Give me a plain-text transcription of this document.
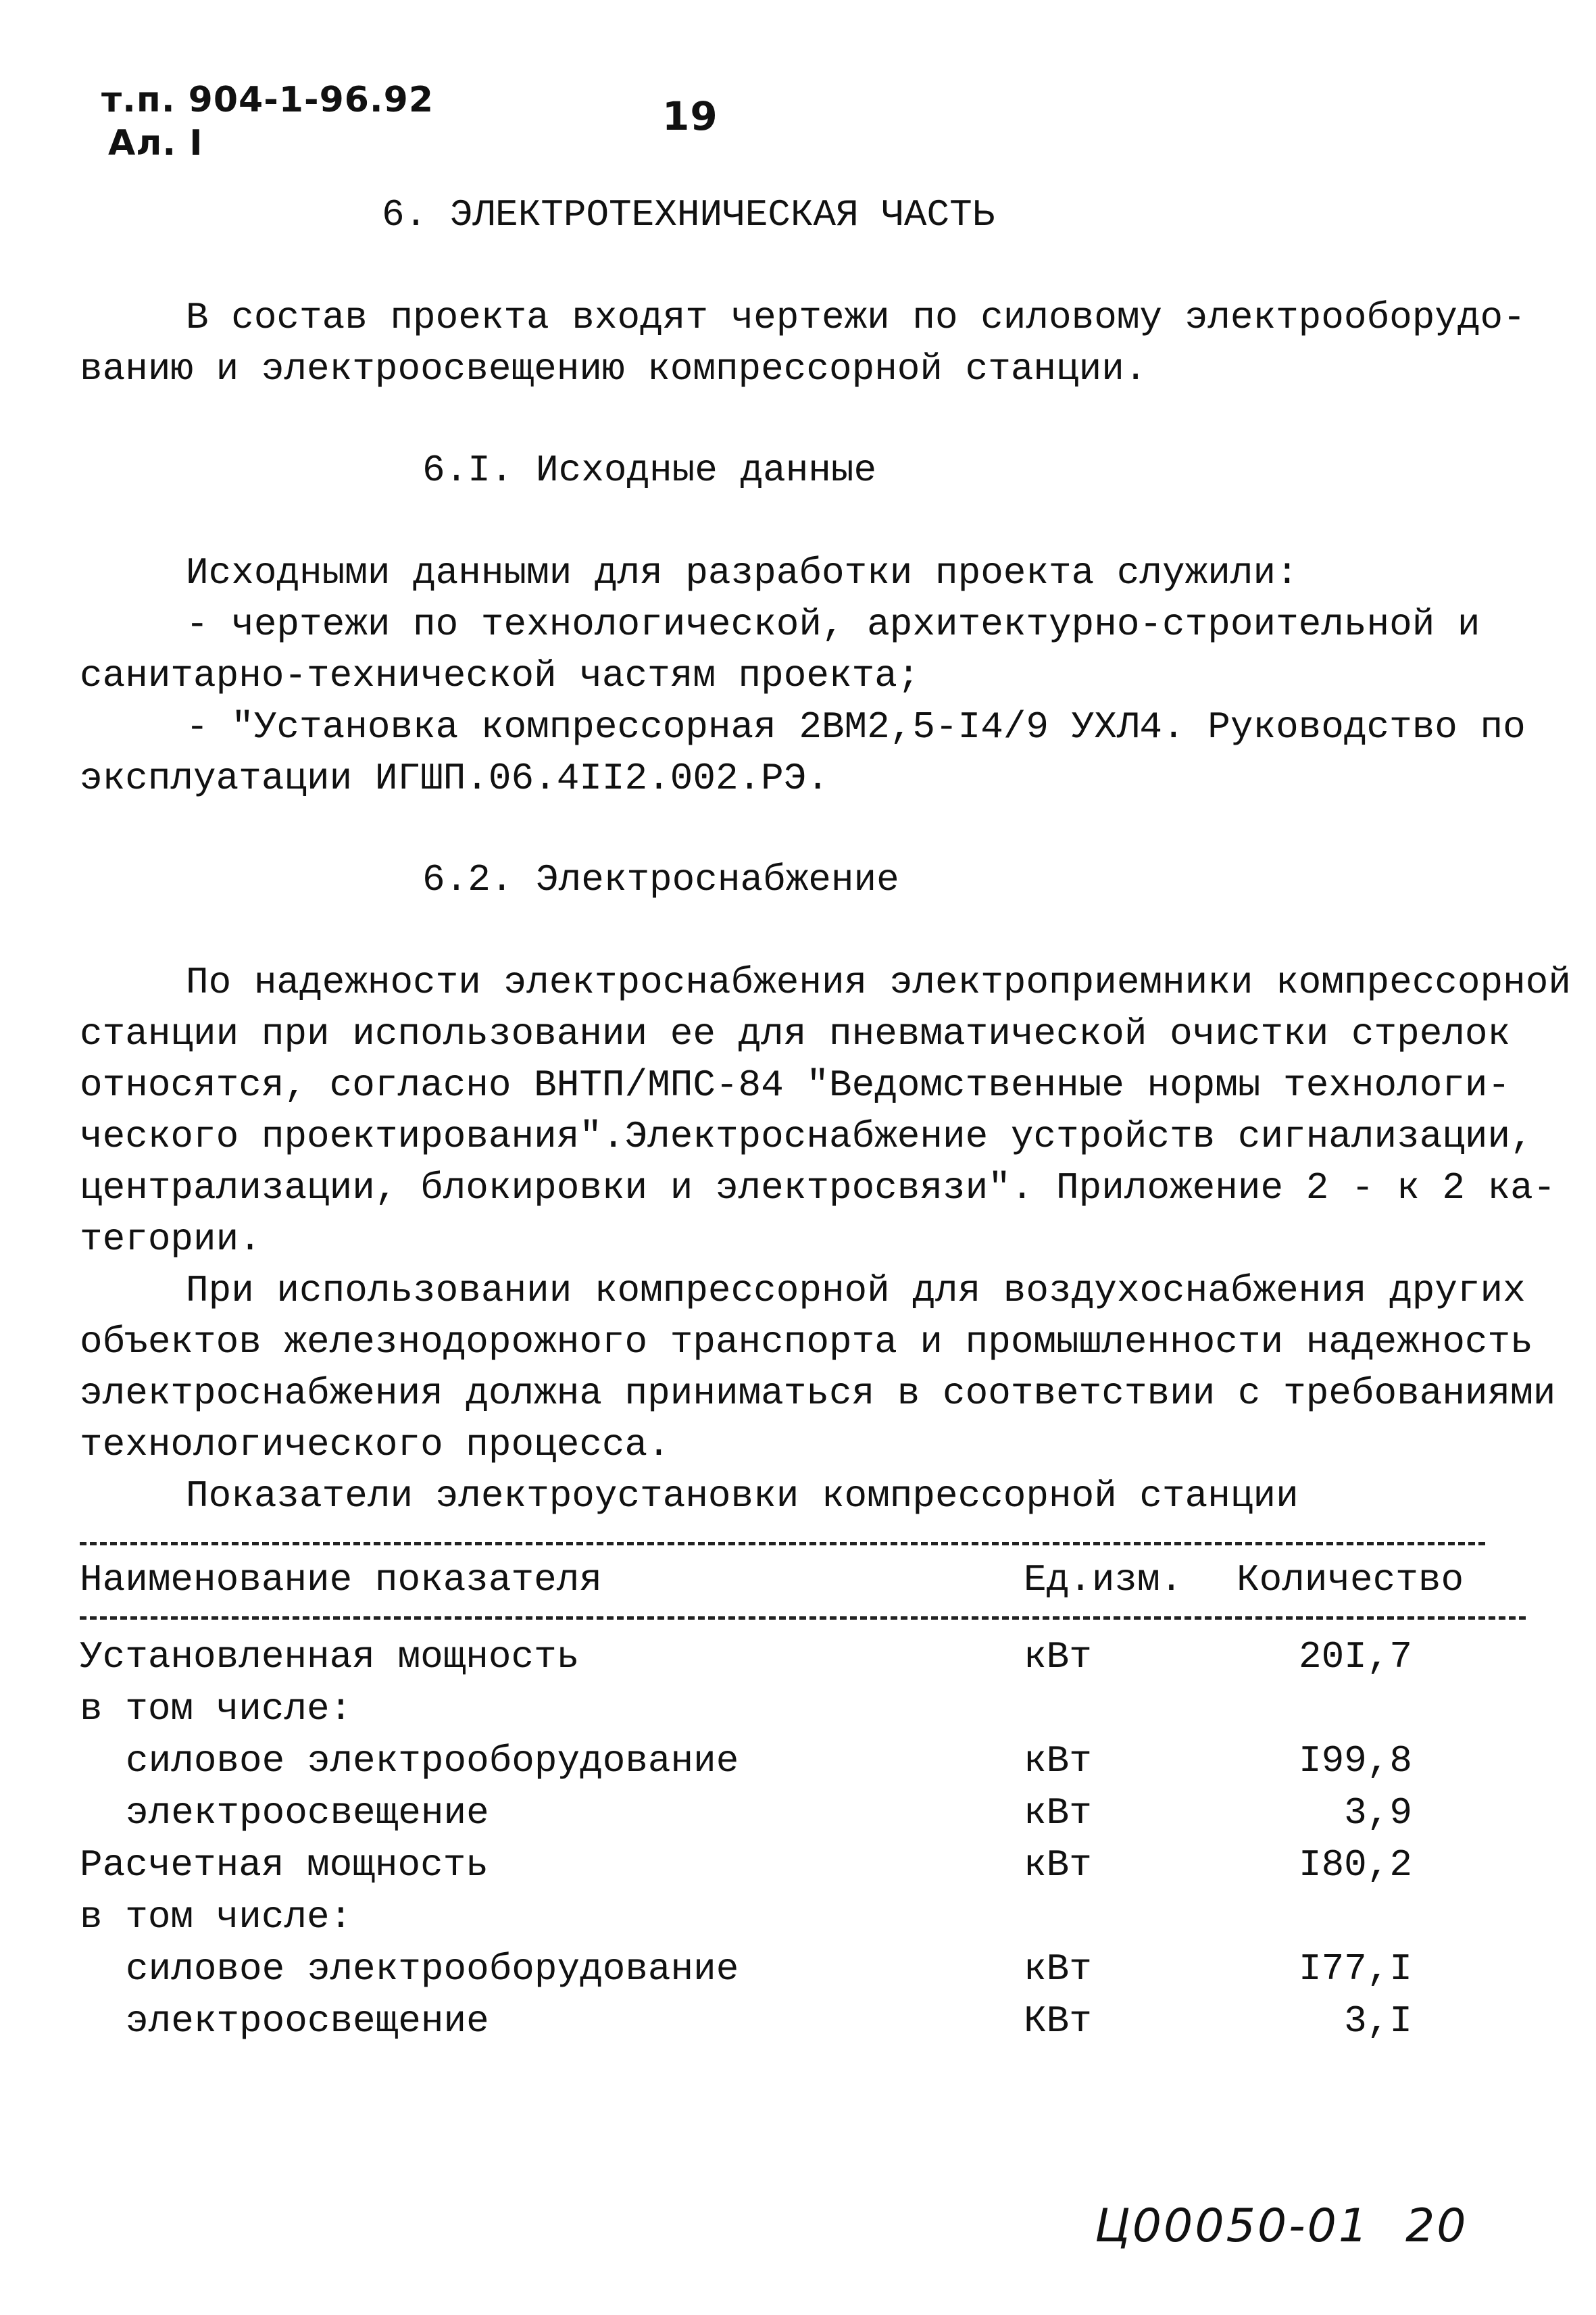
т.п. 904-1-96.92
Ал. I
19
6. ЭЛЕКТРОТЕХНИЧЕСКАЯ ЧАСТЬ
В состав проекта входят чертежи по силовому электрооборудо-
ванию и электроосвещению компрессорной станции.
6.I. Исходные данные
Исходными данными для разработки проекта служили:
- чертежи по технологической, архитектурно-строительной и
санитарно-технической частям проекта;
- "Установка компрессорная 2ВМ2,5-I4/9 УХЛ4. Руководство по
эксплуатации ИГШП.06.4II2.002.РЭ.
6.2. Электроснабжение
По надежности электроснабжения электроприемники компрессорной
станции при использовании ее для пневматической очистки стрелок
относятся, согласно ВНТП/МПС-84 "Ведомственные нормы технологи-
ческого проектирования".Электроснабжение устройств сигнализации,
централизации, блокировки и электросвязи". Приложение 2 - к 2 ка-
тегории.
При использовании компрессорной для воздухоснабжения других
объектов железнодорожного транспорта и промышленности надежность
электроснабжения должна приниматься в соответствии с требованиями
технологического процесса.
Показатели электроустановки компрессорной станции
Наименование показателя	Ед.изм. Количество
Установленная мощность	кВт	20I,7
в том числе:
силовое электрооборудование	кВт	I99,8
электроосвещение	кВт	3,9
Расчетная мощность	кВт	I80,2
в том числе:
силовое электрооборудование	кВт	I77,I
электроосвещение	КВт	3,I
Ц00050-01 20
